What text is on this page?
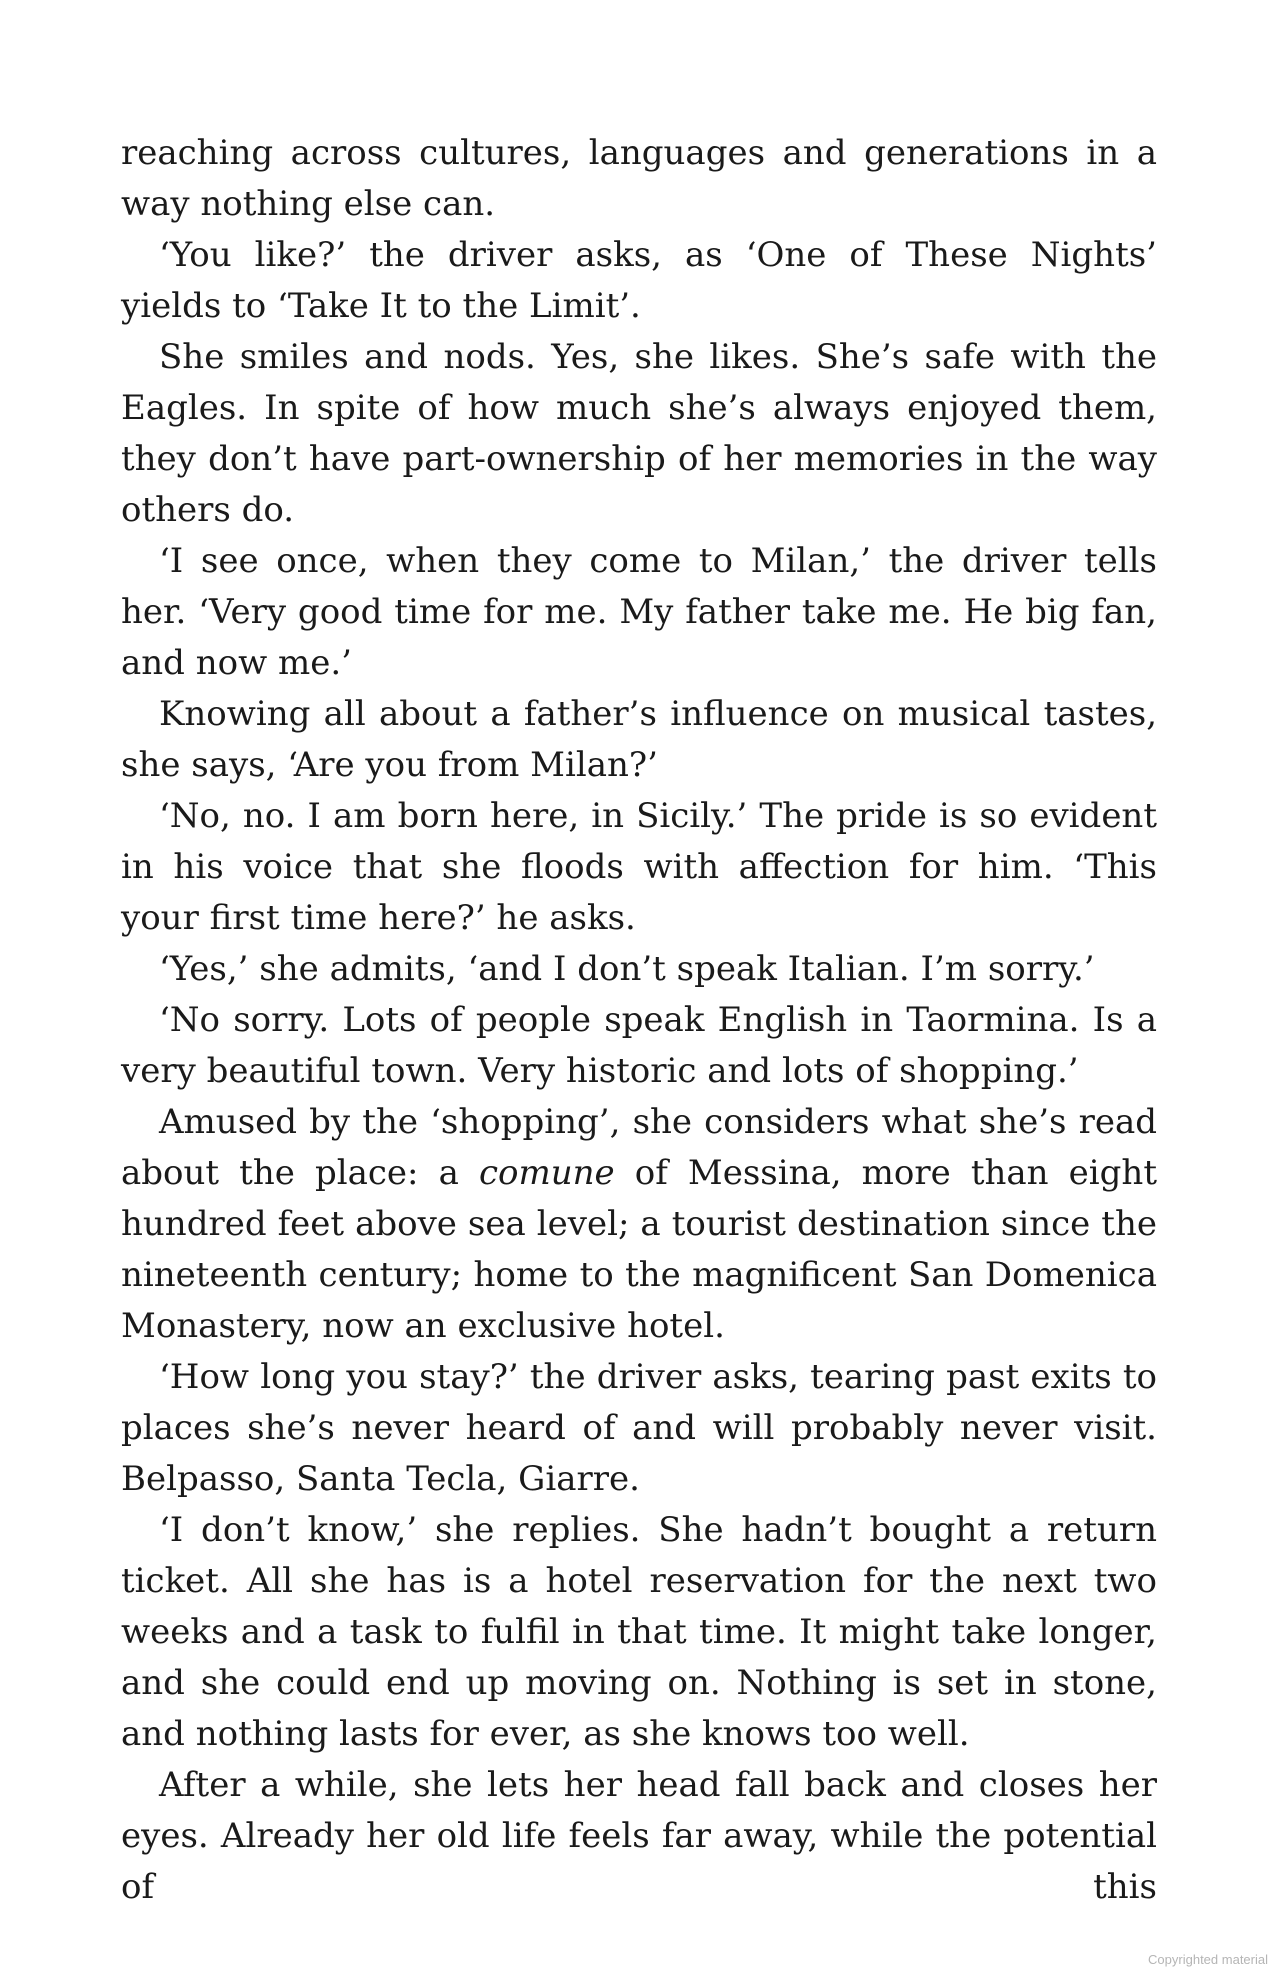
reaching across cultures, languages and generations in a way nothing else can.

‘You like?’ the driver asks, as ‘One of These Nights’ yields to ‘Take It to the Limit’.

She smiles and nods. Yes, she likes. She’s safe with the Eagles. In spite of how much she’s always enjoyed them, they don’t have part-ownership of her memories in the way others do.

‘I see once, when they come to Milan,’ the driver tells her. ‘Very good time for me. My father take me. He big fan, and now me.’

Knowing all about a father’s influence on musical tastes, she says, ‘Are you from Milan?’

‘No, no. I am born here, in Sicily.’ The pride is so evident in his voice that she floods with affection for him. ‘This your first time here?’ he asks.

‘Yes,’ she admits, ‘and I don’t speak Italian. I’m sorry.’

‘No sorry. Lots of people speak English in Taormina. Is a very beautiful town. Very historic and lots of shopping.’

Amused by the ‘shopping’, she considers what she’s read about the place: a comune of Messina, more than eight hundred feet above sea level; a tourist destination since the nineteenth century; home to the magnificent San Domenica Monastery, now an exclusive hotel.

‘How long you stay?’ the driver asks, tearing past exits to places she’s never heard of and will probably never visit. Belpasso, Santa Tecla, Giarre.

‘I don’t know,’ she replies. She hadn’t bought a return ticket. All she has is a hotel reservation for the next two weeks and a task to fulfil in that time. It might take longer, and she could end up moving on. Nothing is set in stone, and nothing lasts for ever, as she knows too well.

After a while, she lets her head fall back and closes her eyes. Already her old life feels far away, while the potential of this

Copyrighted material
